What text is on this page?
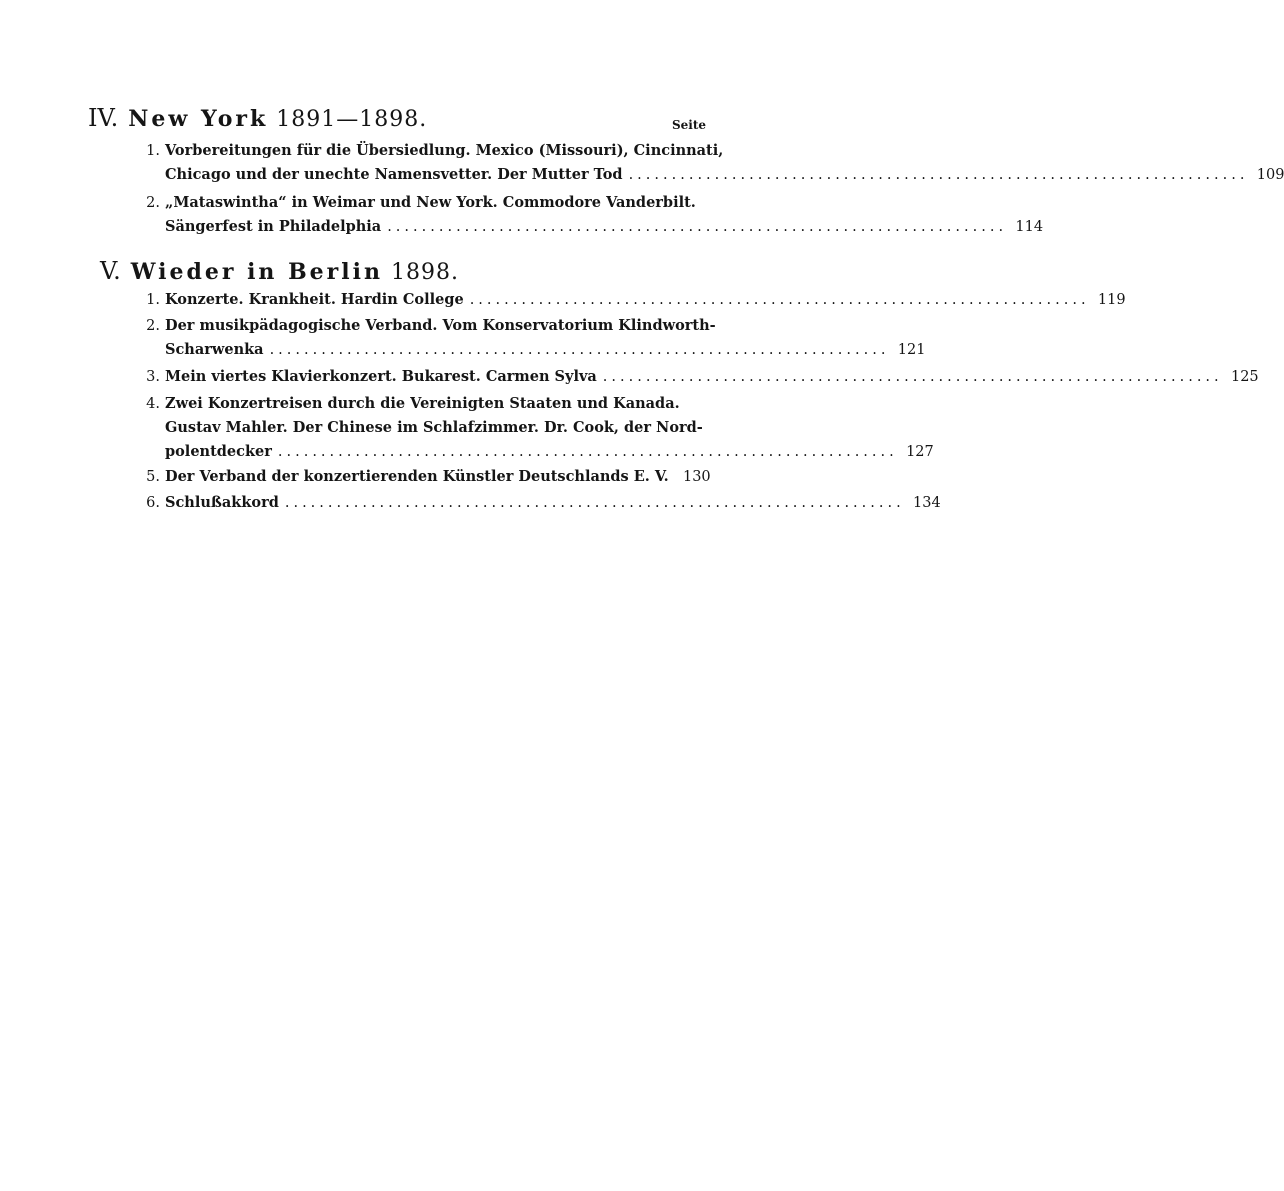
IV. New York 1891—1898.	Seite
1. Vorbereitungen für die Übersiedlung. Mexico (Missouri), Cincinnati,
Chicago und der unechte Namensvetter. Der Mutter Tod ........................................................................ 109
2. „Mataswintha“ in Weimar und New York. Commodore Vanderbilt.
Sängerfest in Philadelphia ........................................................................ 114
V. Wieder in Berlin 1898.
1. Konzerte. Krankheit. Hardin College ........................................................................ 119
2. Der musikpädagogische Verband. Vom Konservatorium Klindworth-
Scharwenka ........................................................................ 121
3. Mein viertes Klavierkonzert. Bukarest. Carmen Sylva ........................................................................ 125
4. Zwei Konzertreisen durch die Vereinigten Staaten und Kanada.
Gustav Mahler. Der Chinese im Schlafzimmer. Dr. Cook, der Nord-
polentdecker ........................................................................ 127
5. Der Verband der konzertierenden Künstler Deutschlands E. V. 130
6. Schlußakkord ........................................................................ 134
